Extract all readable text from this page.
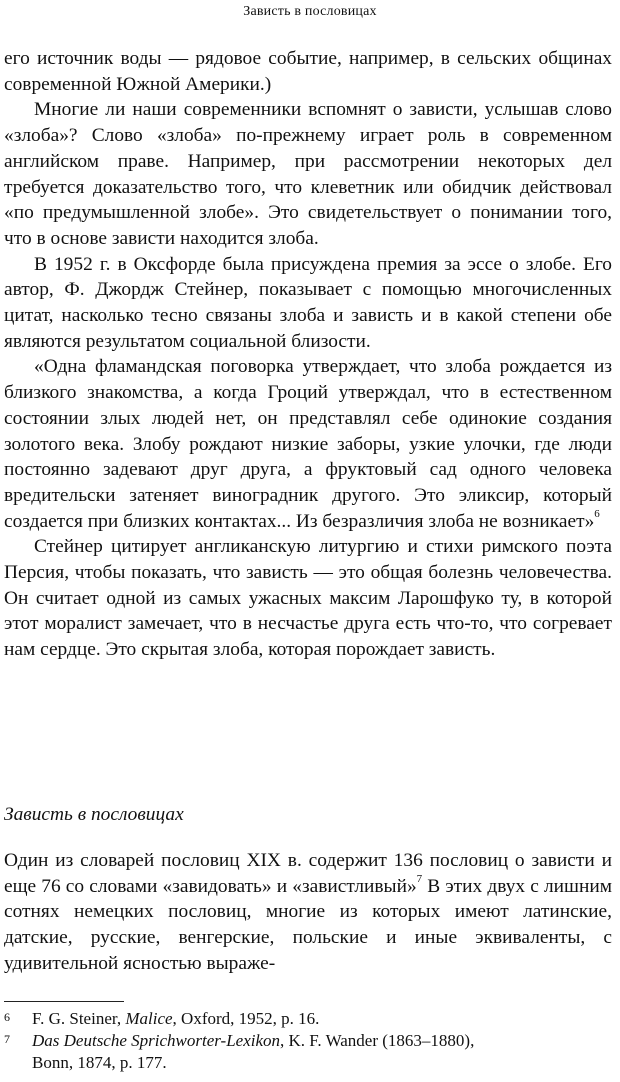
Зависть в пословицах

его источник воды — рядовое событие, например, в сельских общинах современной Южной Америки.)

Многие ли наши современники вспомнят о зависти, услышав слово «злоба»? Слово «злоба» по-прежнему играет роль в современном английском праве. Например, при рассмотрении некоторых дел требуется доказательство того, что клеветник или обидчик действовал «по предумышленной злобе». Это свидетельствует о понимании того, что в основе зависти находится злоба.

В 1952 г. в Оксфорде была присуждена премия за эссе о злобе. Его автор, Ф. Джордж Стейнер, показывает с помощью многочисленных цитат, насколько тесно связаны злоба и зависть и в какой степени обе являются результатом социальной близости.

«Одна фламандская поговорка утверждает, что злоба рождается из близкого знакомства, а когда Гроций утверждал, что в естественном состоянии злых людей нет, он представлял себе одинокие создания золотого века. Злобу рождают низкие заборы, узкие улочки, где люди постоянно задевают друг друга, а фруктовый сад одного человека вредительски затеняет виноградник другого. Это эликсир, который создается при близких контактах... Из безразличия злоба не возникает»$^6$

Стейнер цитирует англиканскую литургию и стихи римского поэта Персия, чтобы показать, что зависть — это общая болезнь человечества. Он считает одной из самых ужасных максим Ларошфуко ту, в которой этот моралист замечает, что в несчастье друга есть что-то, что согревает нам сердце. Это скрытая злоба, которая порождает зависть.

Зависть в пословицах

Один из словарей пословиц XIX в. содержит 136 пословиц о зависти и еще 76 со словами «завидовать» и «завистливый»$^7$ В этих двух с лишним сотнях немецких пословиц, многие из которых имеют латинские, датские, русские, венгерские, польские и иные эквиваленты, с удивительной ясностью выраже-

6	F. G. Steiner, Malice, Oxford, 1952, p. 16.
7	Das Deutsche Sprichworter-Lexikon, K. F. Wander (1863–1880),

Bonn, 1874, p. 177.
